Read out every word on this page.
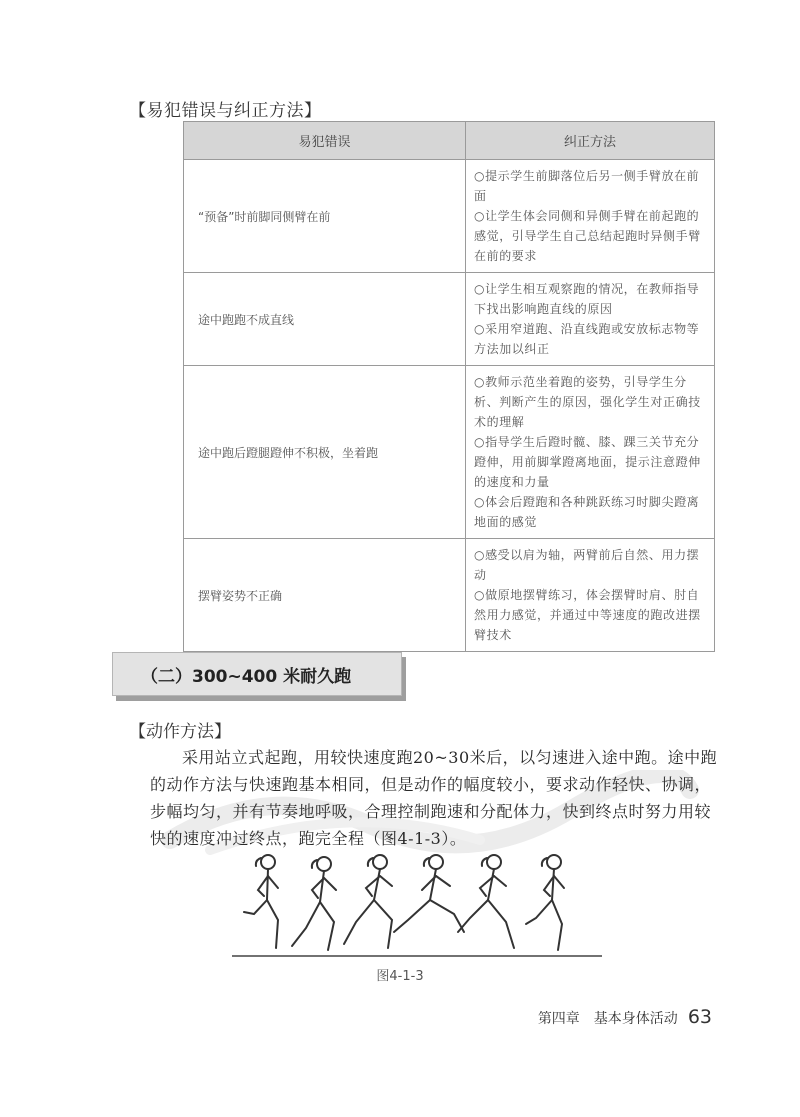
【易犯错误与纠正方法】
易犯错误	纠正方法
“预备”时前脚同侧臂在前	○提示学生前脚落位后另一侧手臂放在前面
○让学生体会同侧和异侧手臂在前起跑的感觉，引导学生自己总结起跑时异侧手臂在前的要求

途中跑跑不成直线	○让学生相互观察跑的情况，在教师指导下找出影响跑直线的原因
○采用窄道跑、沿直线跑或安放标志物等方法加以纠正

途中跑后蹬腿蹬伸不积极，坐着跑	○教师示范坐着跑的姿势，引导学生分析、判断产生的原因，强化学生对正确技术的理解
○指导学生后蹬时髋、膝、踝三关节充分蹬伸，用前脚掌蹬离地面，提示注意蹬伸的速度和力量
○体会后蹬跑和各种跳跃练习时脚尖蹬离地面的感觉

摆臂姿势不正确	○感受以肩为轴，两臂前后自然、用力摆动
○做原地摆臂练习，体会摆臂时肩、肘自然用力感觉，并通过中等速度的跑改进摆臂技术
（二）300~400 米耐久跑
【动作方法】
采用站立式起跑，用较快速度跑20~30米后，以匀速进入途中跑。途中跑的动作方法与快速跑基本相同，但是动作的幅度较小，要求动作轻快、协调，步幅均匀，并有节奏地呼吸，合理控制跑速和分配体力，快到终点时努力用较快的速度冲过终点，跑完全程（图4-1-3）。
图4-1-3
第四章　基本身体活动 63
